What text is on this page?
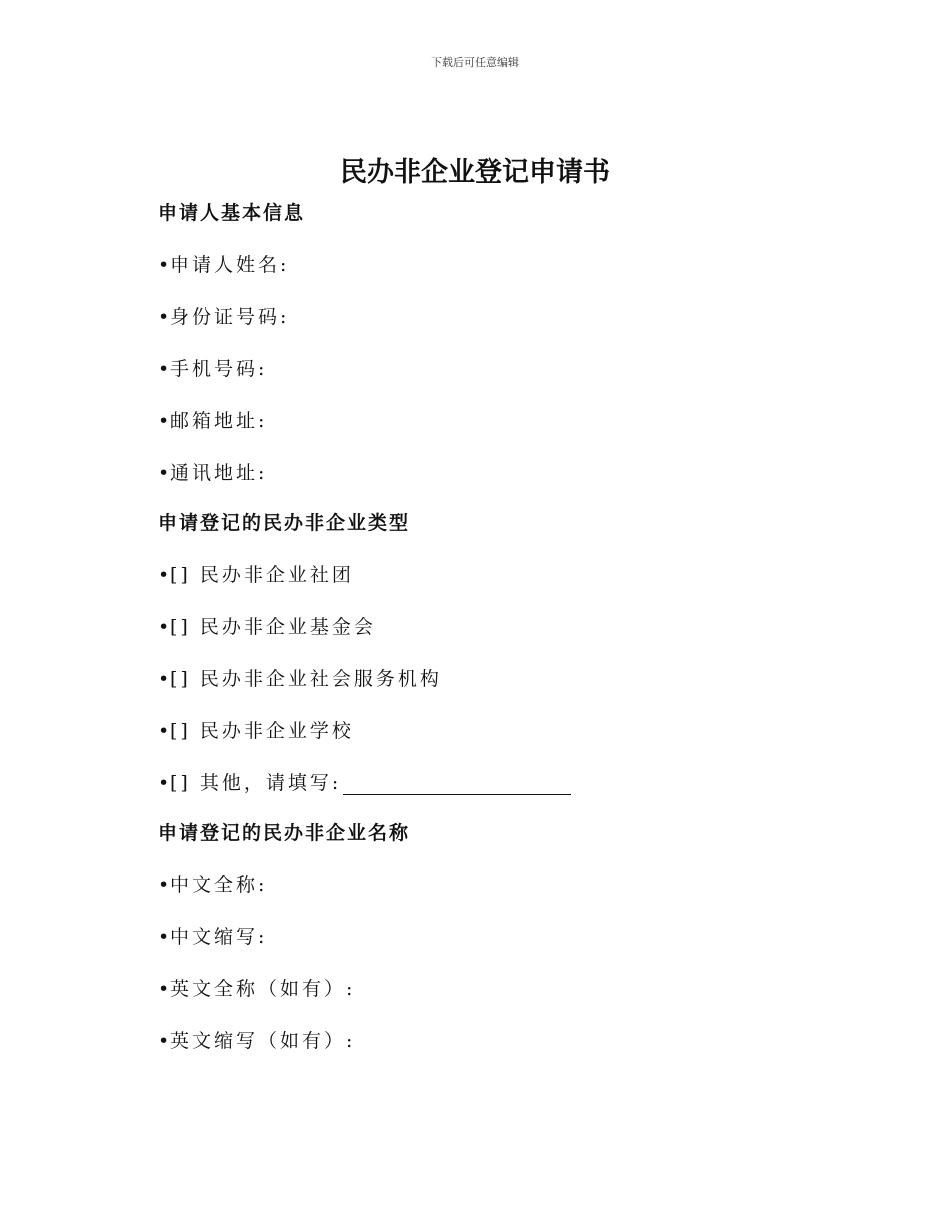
下载后可任意编辑
民办非企业登记申请书
申请人基本信息
•申请人姓名:
•身份证号码:
•手机号码:
•邮箱地址:
•通讯地址:
申请登记的民办非企业类型
•[] 民办非企业社团
•[] 民办非企业基金会
•[] 民办非企业社会服务机构
•[] 民办非企业学校
•[] 其他，请填写:
申请登记的民办非企业名称
•中文全称:
•中文缩写:
•英文全称（如有）:
•英文缩写（如有）:
